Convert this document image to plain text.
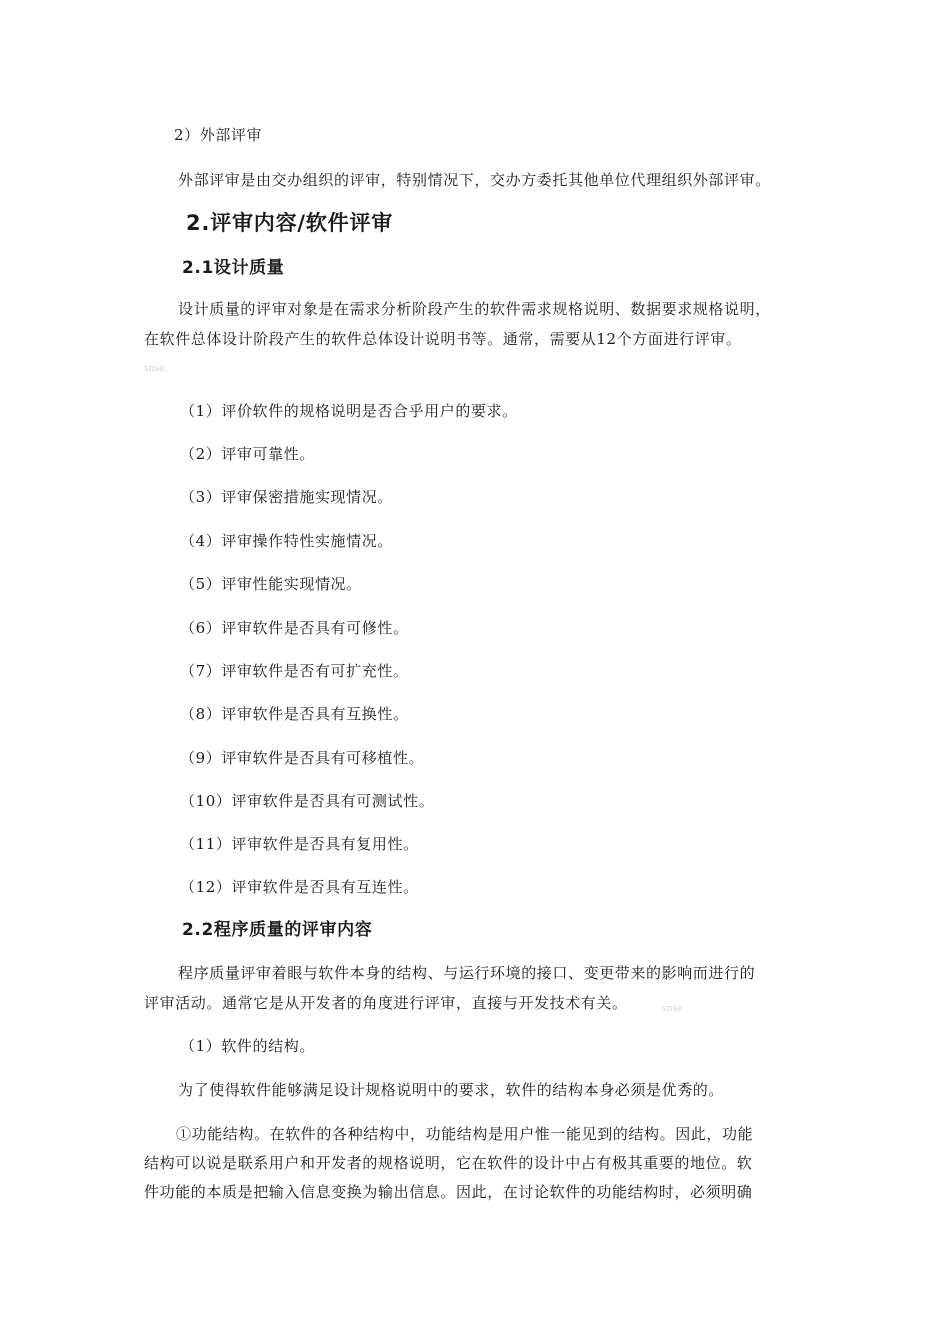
2）外部评审
外部评审是由交办组织的评审，特别情况下，交办方委托其他单位代理组织外部评审。
2.评审内容/软件评审
2.1设计质量
设计质量的评审对象是在需求分析阶段产生的软件需求规格说明、数据要求规格说明，
在软件总体设计阶段产生的软件总体设计说明书等。通常，需要从12个方面进行评审。
snse。
（1）评价软件的规格说明是否合乎用户的要求。
（2）评审可靠性。
（3）评审保密措施实现情况。
（4）评审操作特性实施情况。
（5）评审性能实现情况。
（6）评审软件是否具有可修性。
（7）评审软件是否有可扩充性。
（8）评审软件是否具有互换性。
（9）评审软件是否具有可移植性。
（10）评审软件是否具有可测试性。
（11）评审软件是否具有复用性。
（12）评审软件是否具有互连性。
2.2程序质量的评审内容
程序质量评审着眼与软件本身的结构、与运行环境的接口、变更带来的影响而进行的
评审活动。通常它是从开发者的角度进行评审，直接与开发技术有关。	snse
（1）软件的结构。
为了使得软件能够满足设计规格说明中的要求，软件的结构本身必须是优秀的。
①功能结构。在软件的各种结构中，功能结构是用户惟一能见到的结构。因此，功能
结构可以说是联系用户和开发者的规格说明，它在软件的设计中占有极其重要的地位。软
件功能的本质是把输入信息变换为输出信息。因此，在讨论软件的功能结构时，必须明确
